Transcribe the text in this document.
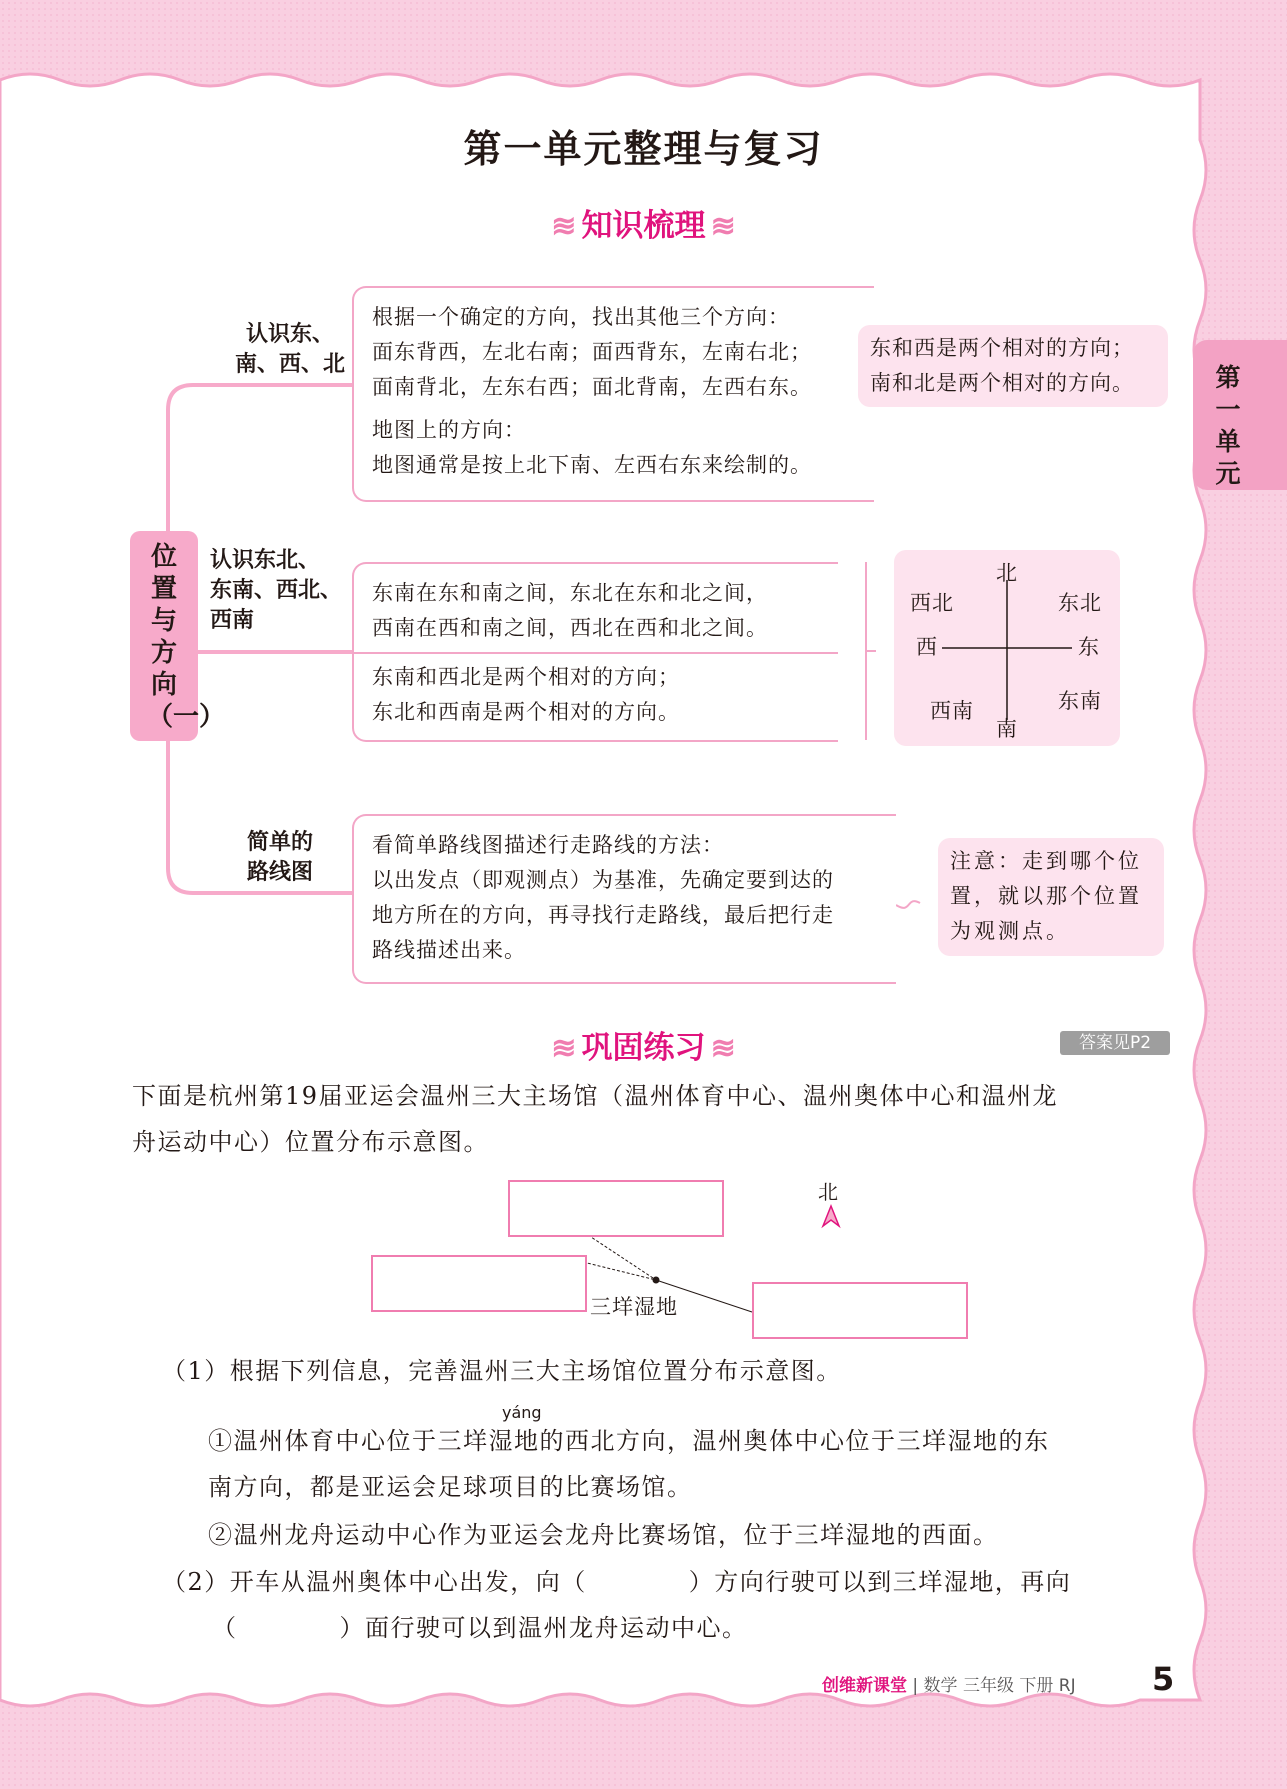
第一单元
第一单元整理与复习
≋ 知识梳理 ≋
位置与方向（一）
认识东、
南、西、北
根据一个确定的方向，找出其他三个方向：
面东背西，左北右南；面西背东，左南右北；
面南背北，左东右西；面北背南，左西右东。
地图上的方向：
地图通常是按上北下南、左西右东来绘制的。
东和西是两个相对的方向；
南和北是两个相对的方向。
认识东北、
东南、西北、
西南
东南在东和南之间，东北在东和北之间，
西南在西和南之间，西北在西和北之间。
东南和西北是两个相对的方向；
东北和西南是两个相对的方向。
北
南
东
西
东北
西北
东南
西南
简单的
路线图
看简单路线图描述行走路线的方法：
以出发点（即观测点）为基准，先确定要到达的
地方所在的方向，再寻找行走路线，最后把行走
路线描述出来。
注意：走到哪个位
置，就以那个位置
为观测点。
≋ 巩固练习 ≋	答案见P2
下面是杭州第19届亚运会温州三大主场馆（温州体育中心、温州奥体中心和温州龙
舟运动中心）位置分布示意图。
北
三垟湿地
（1）根据下列信息，完善温州三大主场馆位置分布示意图。
yáng
①温州体育中心位于三垟湿地的西北方向，温州奥体中心位于三垟湿地的东
南方向，都是亚运会足球项目的比赛场馆。
②温州龙舟运动中心作为亚运会龙舟比赛场馆，位于三垟湿地的西面。
（2）开车从温州奥体中心出发，向（　　　　）方向行驶可以到三垟湿地，再向
（　　　　）面行驶可以到温州龙舟运动中心。
创维新课堂 | 数学 三年级 下册 RJ 5
